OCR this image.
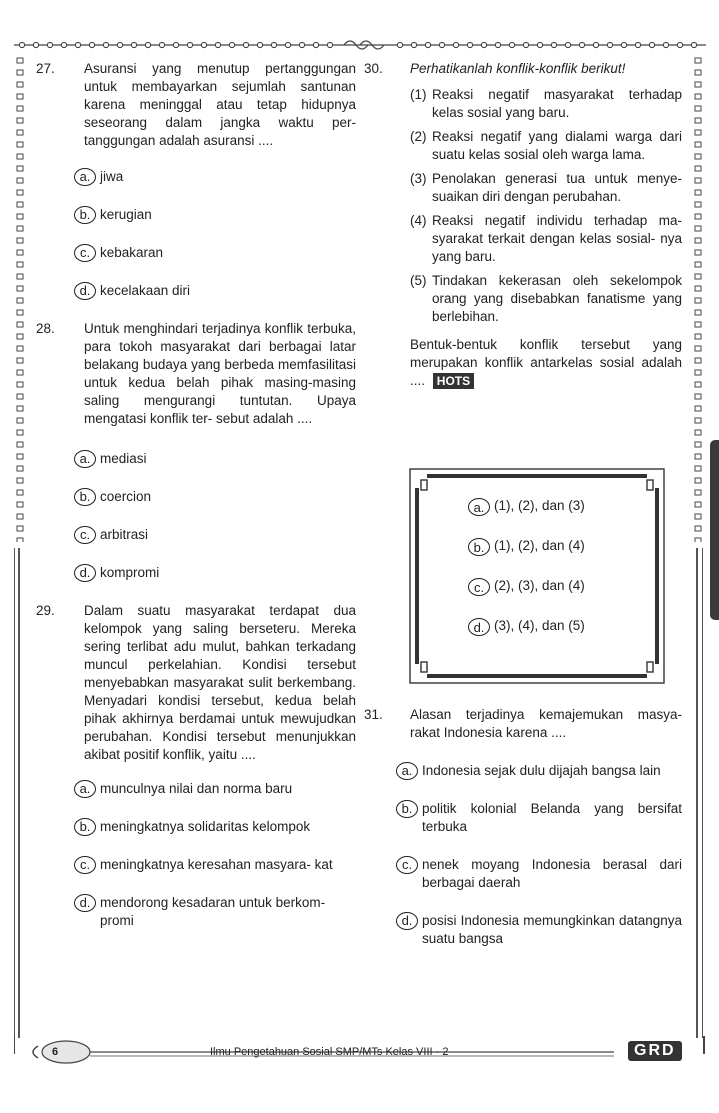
27.	Asuransi yang menutup pertanggungan untuk membayarkan sejumlah santunan karena meninggal atau tetap hidupnya seseorang dalam jangka waktu per- tanggungan adalah asuransi ....
a. jiwa
b. kerugian
c. kebakaran
d. kecelakaan diri
28.	Untuk menghindari terjadinya konflik terbuka, para tokoh masyarakat dari berbagai latar belakang budaya yang berbeda memfasilitasi untuk kedua belah pihak masing-masing saling mengurangi tuntutan. Upaya mengatasi konflik ter- sebut adalah ....
a. mediasi
b. coercion
c. arbitrasi
d. kompromi
29.	Dalam suatu masyarakat terdapat dua kelompok yang saling berseteru. Mereka sering terlibat adu mulut, bahkan terkadang muncul perkelahian. Kondisi tersebut menyebabkan masyarakat sulit berkembang. Menyadari kondisi tersebut, kedua belah pihak akhirnya berdamai untuk mewujudkan perubahan. Kondisi tersebut menunjukkan akibat positif konflik, yaitu ....
a. munculnya nilai dan norma baru
b. meningkatnya solidaritas kelompok
c. meningkatnya keresahan masyara- kat
d. mendorong kesadaran untuk berkom- promi
30.	Perhatikanlah konflik-konflik berikut!
(1) Reaksi negatif masyarakat terhadap kelas sosial yang baru.
(2) Reaksi negatif yang dialami warga dari suatu kelas sosial oleh warga lama.
(3) Penolakan generasi tua untuk menye- suaikan diri dengan perubahan.
(4) Reaksi negatif individu terhadap ma- syarakat terkait dengan kelas sosial- nya yang baru.
(5) Tindakan kekerasan oleh sekelompok orang yang disebabkan fanatisme yang berlebihan.
Bentuk-bentuk konflik tersebut yang merupakan konflik antarkelas sosial adalah .... HOTS
a. (1), (2), dan (3)
b. (1), (2), dan (4)
c. (2), (3), dan (4)
d. (3), (4), dan (5)
31.	Alasan terjadinya kemajemukan masya- rakat Indonesia karena ....
a. Indonesia sejak dulu dijajah bangsa lain
b. politik kolonial Belanda yang bersifat terbuka
c. nenek moyang Indonesia berasal dari berbagai daerah
d. posisi Indonesia memungkinkan datangnya suatu bangsa
6	Ilmu Pengetahuan Sosial SMP/MTs Kelas VIII - 2	GRD
